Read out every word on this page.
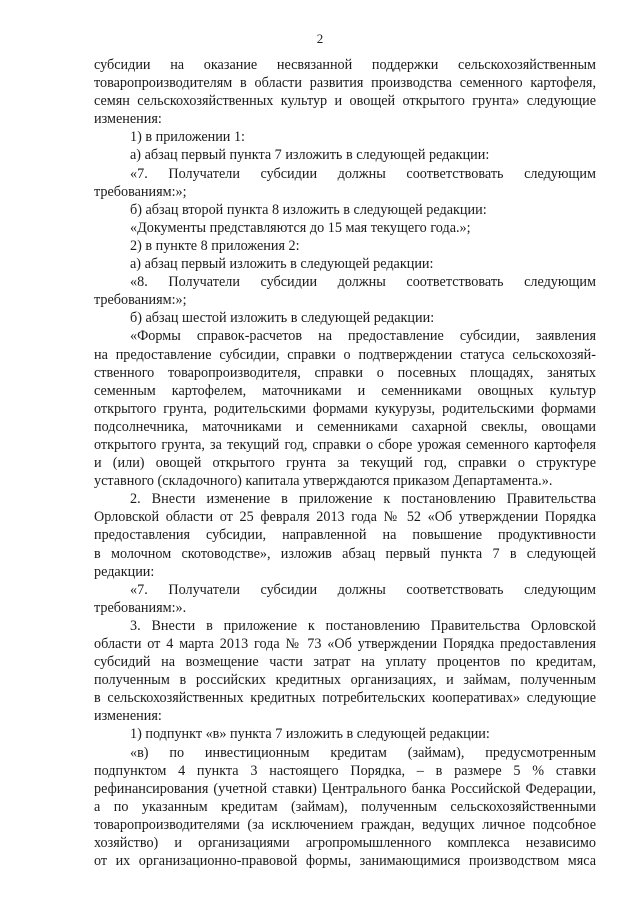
2
субсидии на оказание несвязанной поддержки сельскохозяйственным
товаропроизводителям в области развития производства семенного картофеля,
семян сельскохозяйственных культур и овощей открытого грунта» следующие
изменения:
1) в приложении 1:
а) абзац первый пункта 7 изложить в следующей редакции:
«7. Получатели субсидии должны соответствовать следующим
требованиям:»;
б) абзац второй пункта 8 изложить в следующей редакции:
«Документы представляются до 15 мая текущего года.»;
2) в пункте 8 приложения 2:
а) абзац первый изложить в следующей редакции:
«8. Получатели субсидии должны соответствовать следующим
требованиям:»;
б) абзац шестой изложить в следующей редакции:
«Формы справок-расчетов на предоставление субсидии, заявления
на предоставление субсидии, справки о подтверждении статуса сельскохозяй-
ственного товаропроизводителя, справки о посевных площадях, занятых
семенным картофелем, маточниками и семенниками овощных культур
открытого грунта, родительскими формами кукурузы, родительскими формами
подсолнечника, маточниками и семенниками сахарной свеклы, овощами
открытого грунта, за текущий год, справки о сборе урожая семенного картофеля
и (или) овощей открытого грунта за текущий год, справки о структуре
уставного (складочного) капитала утверждаются приказом Департамента.».
2. Внести изменение в приложение к постановлению Правительства
Орловской области от 25 февраля 2013 года № 52 «Об утверждении Порядка
предоставления субсидии, направленной на повышение продуктивности
в молочном скотоводстве», изложив абзац первый пункта 7 в следующей
редакции:
«7. Получатели субсидии должны соответствовать следующим
требованиям:».
3. Внести в приложение к постановлению Правительства Орловской
области от 4 марта 2013 года № 73 «Об утверждении Порядка предоставления
субсидий на возмещение части затрат на уплату процентов по кредитам,
полученным в российских кредитных организациях, и займам, полученным
в сельскохозяйственных кредитных потребительских кооперативах» следующие
изменения:
1) подпункт «в» пункта 7 изложить в следующей редакции:
«в) по инвестиционным кредитам (займам), предусмотренным
подпунктом 4 пункта 3 настоящего Порядка, – в размере 5 % ставки
рефинансирования (учетной ставки) Центрального банка Российской Федерации,
а по указанным кредитам (займам), полученным сельскохозяйственными
товаропроизводителями (за исключением граждан, ведущих личное подсобное
хозяйство) и организациями агропромышленного комплекса независимо
от их организационно-правовой формы, занимающимися производством мяса
